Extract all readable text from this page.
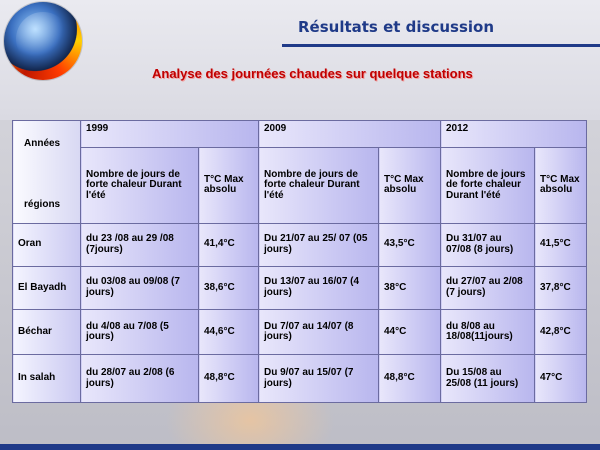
Résultats et discussion
Analyse des journées chaudes sur quelque stations
Années
régions	1999		2009		2012	
	Nombre de jours de forte chaleur Durant l'été	T°C Max absolu	Nombre de jours de forte chaleur Durant l'été	T°C Max absolu	Nombre de jours de forte chaleur Durant l'été	T°C Max absolu
Oran	du 23 /08 au 29 /08 (7jours)	41,4°C	Du 21/07 au 25/ 07 (05 jours)	43,5°C	Du 31/07 au 07/08 (8 jours)	41,5°C
El Bayadh	du 03/08 au 09/08 (7 jours)	38,6°C	Du 13/07 au 16/07 (4 jours)	38°C	du 27/07 au 2/08 (7 jours)	37,8°C
Béchar	du 4/08 au 7/08 (5 jours)	44,6°C	Du 7/07 au 14/07 (8 jours)	44°C	du 8/08 au 18/08(11jours)	42,8°C
In salah	du 28/07 au 2/08 (6 jours)	48,8°C	Du 9/07 au 15/07 (7 jours)	48,8°C	Du 15/08 au 25/08 (11 jours)	47°C
